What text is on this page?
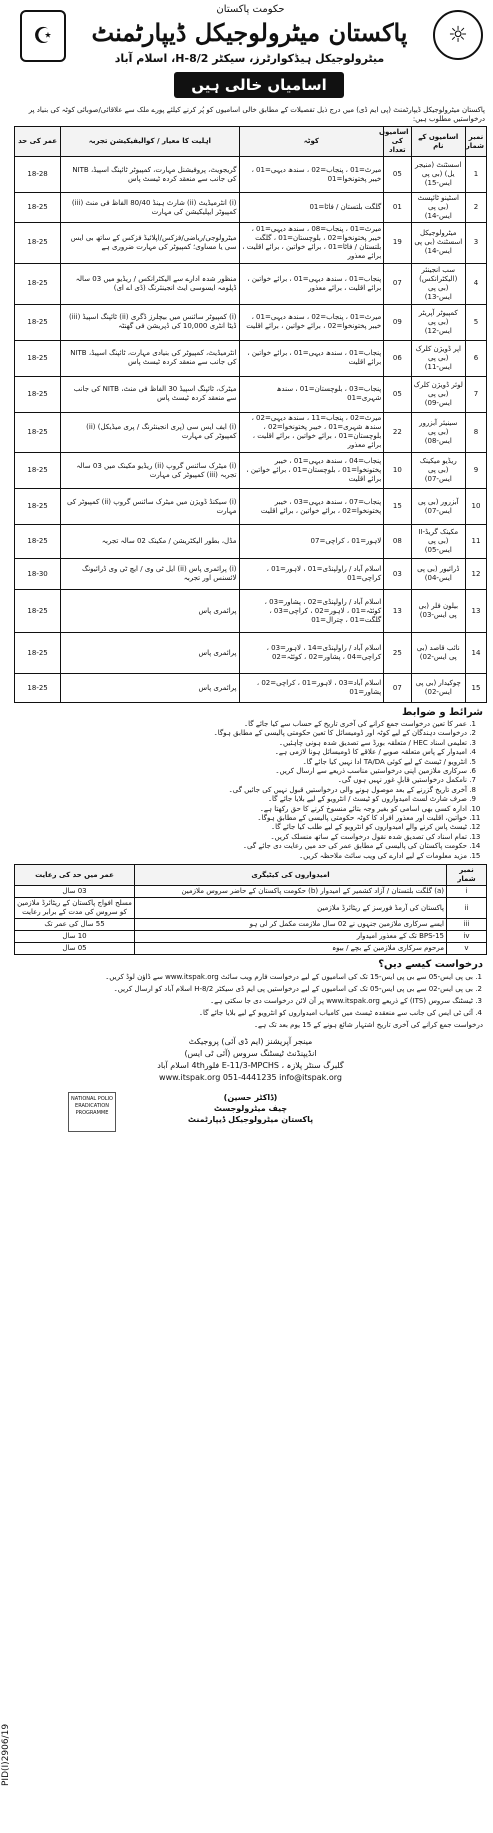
PID(I)2906/19
☪
حکومت پاکستان
پاکستان میٹرولوجیکل ڈیپارٹمنٹ
میٹرولوجیکل ہیڈکوارٹرز، سیکٹر H-8/2، اسلام آباد
اسامیاں خالی ہیں
☼
پاکستان میٹرولوجیکل ڈیپارٹمنٹ (پی ایم ڈی) میں درج ذیل تفصیلات کے مطابق خالی اسامیوں کو پُر کرنے کیلئے پورے ملک سے علاقائی/صوبائی کوٹہ کی بنیاد پر درخواستیں مطلوب ہیں:
نمبر شمار	اسامیوں کے نام	اسامیوں کی تعداد	کوٹہ	اہلیت کا معیار / کوالیفیکیشن تجربہ	عمر کی حد
1	اسسٹنٹ (منیجر یل) (بی پی ایس-15)	05	میرٹ=01 ، پنجاب=02 ، سندھ دیہی=01 ، خیبر پختونخوا=01	گریجویٹ، پروفیشنل مہارت، کمپیوٹر ٹائپنگ اسپیڈ، NITB کی جانب سے منعقد کردہ ٹیسٹ پاس	18-28
2	اسٹینو ٹائپسٹ (بی پی ایس-14)	01	گلگت بلتستان / فاٹا=01	(i) انٹرمیڈیٹ (ii) شارٹ ہینڈ 80/40 الفاظ فی منٹ (iii) کمپیوٹر ایپلیکیشن کی مہارت	18-25
3	میٹرولوجیکل اسسٹنٹ (بی پی ایس-14)	19	میرٹ=01 ، پنجاب=08 ، سندھ دیہی=01 ، خیبر پختونخوا=02 ، بلوچستان=01 ، گلگت بلتستان / فاٹا=01 ، برائے خواتین ، برائے اقلیت ، برائے معذور	میٹرولوجی/ریاضی/فزکس/اپلائیڈ فزکس کے ساتھ بی ایس سی یا مساوی؛ کمپیوٹر کی مہارت ضروری ہے	18-25
4	سب انجینئر (الیکٹرانکس) (بی پی ایس-13)	07	پنجاب=01 ، سندھ دیہی=01 ، برائے خواتین ، برائے اقلیت ، برائے معذور	منظور شدہ ادارے سے الیکٹرانکس / ریڈیو میں 03 سالہ ڈپلومہ ایسوسی ایٹ انجینئرنگ (ڈی اے ای)	18-25
5	کمپیوٹر آپریٹر (بی پی ایس-12)	09	میرٹ=01 ، پنجاب=02 ، سندھ دیہی=01 ، خیبر پختونخوا=02 ، برائے خواتین ، برائے اقلیت	(i) کمپیوٹر سائنس میں بیچلرز ڈگری (ii) ٹائپنگ اسپیڈ (iii) ڈیٹا انٹری 10,000 کی ڈپریشن فی گھنٹہ	18-25
6	اپر ڈویژن کلرک (بی پی ایس-11)	06	پنجاب=01 ، سندھ دیہی=01 ، برائے خواتین ، برائے اقلیت	انٹرمیڈیٹ، کمپیوٹر کی بنیادی مہارت، ٹائپنگ اسپیڈ، NITB کی جانب سے منعقد کردہ ٹیسٹ پاس	18-25
7	لوئر ڈویژن کلرک (بی پی ایس-09)	05	پنجاب=03 ، بلوچستان=01 ، سندھ شہری=01	میٹرک، ٹائپنگ اسپیڈ 30 الفاظ فی منٹ، NITB کی جانب سے منعقد کردہ ٹیسٹ پاس	18-25
8	سینیئر آبزرور (بی پی ایس-08)	22	میرٹ=02 ، پنجاب=11 ، سندھ دیہی=02 ، سندھ شہری=01 ، خیبر پختونخوا=02 ، بلوچستان=01 ، برائے خواتین ، برائے اقلیت ، برائے معذور	(i) ایف ایس سی (پری انجینئرنگ / پری میڈیکل) (ii) کمپیوٹر کی مہارت	18-25
9	ریڈیو میکینک (بی پی ایس-07)	10	پنجاب=04 ، سندھ دیہی=01 ، خیبر پختونخوا=01 ، بلوچستان=01 ، برائے خواتین ، برائے اقلیت	(i) میٹرک سائنس گروپ (ii) ریڈیو مکینک میں 03 سالہ تجربہ (iii) کمپیوٹر کی مہارت	18-25
10	آبزرور (بی پی ایس-07)	15	پنجاب=07 ، سندھ دیہی=03 ، خیبر پختونخوا=02 ، برائے خواتین ، برائے اقلیت	(i) سیکنڈ ڈویژن میں میٹرک سائنس گروپ (ii) کمپیوٹر کی مہارت	18-25
11	مکینک گریڈ-II (بی پی ایس-05)	08	لاہور=01 ، کراچی=07	مڈل، بطور الیکٹریشن / مکینک 02 سالہ تجربہ	18-25
12	ڈرائیور (بی پی ایس-04)	03	اسلام آباد / راولپنڈی=01 ، لاہور=01 ، کراچی=01	(i) پرائمری پاس (ii) ایل ٹی وی / ایچ ٹی وی ڈرائیونگ لائسنس اور تجربہ	18-30
13	بیلون فلر (بی پی ایس-03)	13	اسلام آباد / راولپنڈی=02 ، پشاور=03 ، کوئٹہ=01 ، لاہور=02 ، کراچی=03 ، گلگت=01 ، چترال=01	پرائمری پاس	18-25
14	نائب قاصد (بی پی ایس-02)	25	اسلام آباد / راولپنڈی=14 ، لاہور=03 ، کراچی=04 ، پشاور=02 ، کوئٹہ=02	پرائمری پاس	18-25
15	چوکیدار (بی پی ایس-02)	07	اسلام آباد=03 ، لاہور=01 ، کراچی=02 ، پشاور=01	پرائمری پاس	18-25
شرائط و ضوابط
1. عمر کا تعین درخواست جمع کرانے کی آخری تاریخ کے حساب سے کیا جائے گا۔
2. درخواست دہندگان کے لیے کوٹہ اور ڈومیسائل کا تعین حکومتی پالیسی کے مطابق ہوگا۔
3. تعلیمی اسناد HEC / متعلقہ بورڈ سے تصدیق شدہ ہونی چاہئیں۔
4. امیدوار کے پاس متعلقہ صوبے / علاقے کا ڈومیسائل ہونا لازمی ہے۔
5. انٹرویو / ٹیسٹ کے لیے کوئی TA/DA ادا نہیں کیا جائے گا۔
6. سرکاری ملازمین اپنی درخواستیں مناسب ذریعے سے ارسال کریں۔
7. نامکمل درخواستیں قابلِ غور نہیں ہوں گی۔
8. آخری تاریخ گزرنے کے بعد موصول ہونے والی درخواستیں قبول نہیں کی جائیں گی۔
9. صرف شارٹ لسٹ امیدواروں کو ٹیسٹ / انٹرویو کے لیے بلایا جائے گا۔
10. ادارہ کسی بھی اسامی کو بغیر وجہ بتائے منسوخ کرنے کا حق رکھتا ہے۔
11. خواتین، اقلیت اور معذور افراد کا کوٹہ حکومتی پالیسی کے مطابق ہوگا۔
12. ٹیسٹ پاس کرنے والے امیدواروں کو انٹرویو کے لیے طلب کیا جائے گا۔
13. تمام اسناد کی تصدیق شدہ نقول درخواست کے ساتھ منسلک کریں۔
14. حکومت پاکستان کی پالیسی کے مطابق عمر کی حد میں رعایت دی جائے گی۔
15. مزید معلومات کے لیے ادارے کی ویب سائٹ ملاحظہ کریں۔
نمبر شمار	امیدواروں کی کیٹیگری	عمر میں حد کی رعایت
i	(a) گلگت بلتستان / آزاد کشمیر کے امیدوار (b) حکومت پاکستان کے حاضر سروس ملازمین	03 سال
ii	پاکستان کی آرمڈ فورسز کے ریٹائرڈ ملازمین	مسلح افواج پاکستان کے ریٹائرڈ ملازمین کو سروس کی مدت کے برابر رعایت
iii	ایسے سرکاری ملازمین جنہوں نے 02 سال ملازمت مکمل کر لی ہو	55 سال کی عمر تک
iv	BPS-15 تک کے معذور امیدوار	10 سال
v	مرحوم سرکاری ملازمین کے بچے / بیوہ	05 سال
درخواست کیسے دیں؟
1. بی پی ایس-05 سے بی پی ایس-15 تک کی اسامیوں کے لیے درخواست فارم ویب سائٹ www.itspak.org سے ڈاؤن لوڈ کریں۔
2. بی پی ایس-02 سے بی پی ایس-05 تک کی اسامیوں کے لیے درخواستیں پی ایم ڈی سیکٹر H-8/2 اسلام آباد کو ارسال کریں۔
3. ٹیسٹنگ سروس (ITS) کے ذریعے www.itspak.org پر آن لائن درخواست دی جا سکتی ہے۔
4. آئی ٹی ایس کی جانب سے منعقدہ ٹیسٹ میں کامیاب امیدواروں کو انٹرویو کے لیے بلایا جائے گا۔
درخواست جمع کرانے کی آخری تاریخ اشتہار شائع ہونے کے 15 یوم بعد تک ہے۔
مینجر آپریشنز (ایم ڈی آئی) پروجیکٹ
انڈیپنڈنٹ ٹیسٹنگ سروس (آئی ٹی ایس)
گلبرگ سنٹر پلازہ ، E-11/3-MPCHS فلور4th اسلام آباد
www.itspak.org 051-4441235 info@itspak.org
NATIONAL POLIO ERADICATION PROGRAMME
(ڈاکٹر حسین)
چیف میٹرولوجسٹ
پاکستان میٹرولوجیکل ڈیپارٹمنٹ
